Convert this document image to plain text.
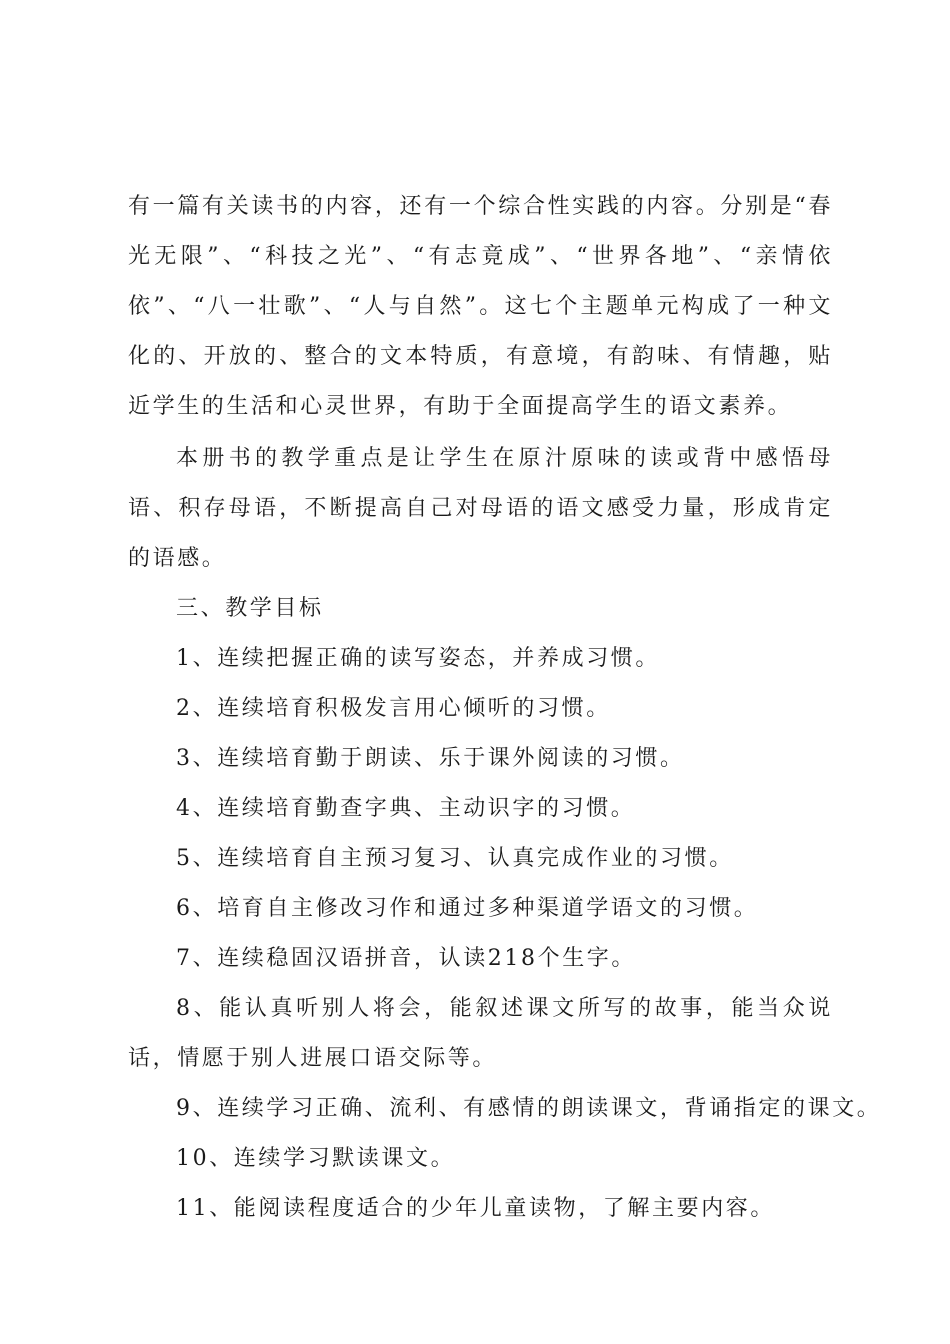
有一篇有关读书的内容，还有一个综合性实践的内容。分别是“春光无限”、“科技之光”、“有志竟成”、“世界各地”、“亲情依依”、“八一壮歌”、“人与自然”。这七个主题单元构成了一种文化的、开放的、整合的文本特质，有意境，有韵味、有情趣，贴近学生的生活和心灵世界，有助于全面提高学生的语文素养。

本册书的教学重点是让学生在原汁原味的读或背中感悟母语、积存母语，不断提高自己对母语的语文感受力量，形成肯定的语感。

三、教学目标

1、连续把握正确的读写姿态，并养成习惯。

2、连续培育积极发言用心倾听的习惯。

3、连续培育勤于朗读、乐于课外阅读的习惯。

4、连续培育勤查字典、主动识字的习惯。

5、连续培育自主预习复习、认真完成作业的习惯。

6、培育自主修改习作和通过多种渠道学语文的习惯。

7、连续稳固汉语拼音，认读218个生字。

8、能认真听别人将会，能叙述课文所写的故事，能当众说话，情愿于别人进展口语交际等。

9、连续学习正确、流利、有感情的朗读课文，背诵指定的课文。

10、连续学习默读课文。

11、能阅读程度适合的少年儿童读物，了解主要内容。
